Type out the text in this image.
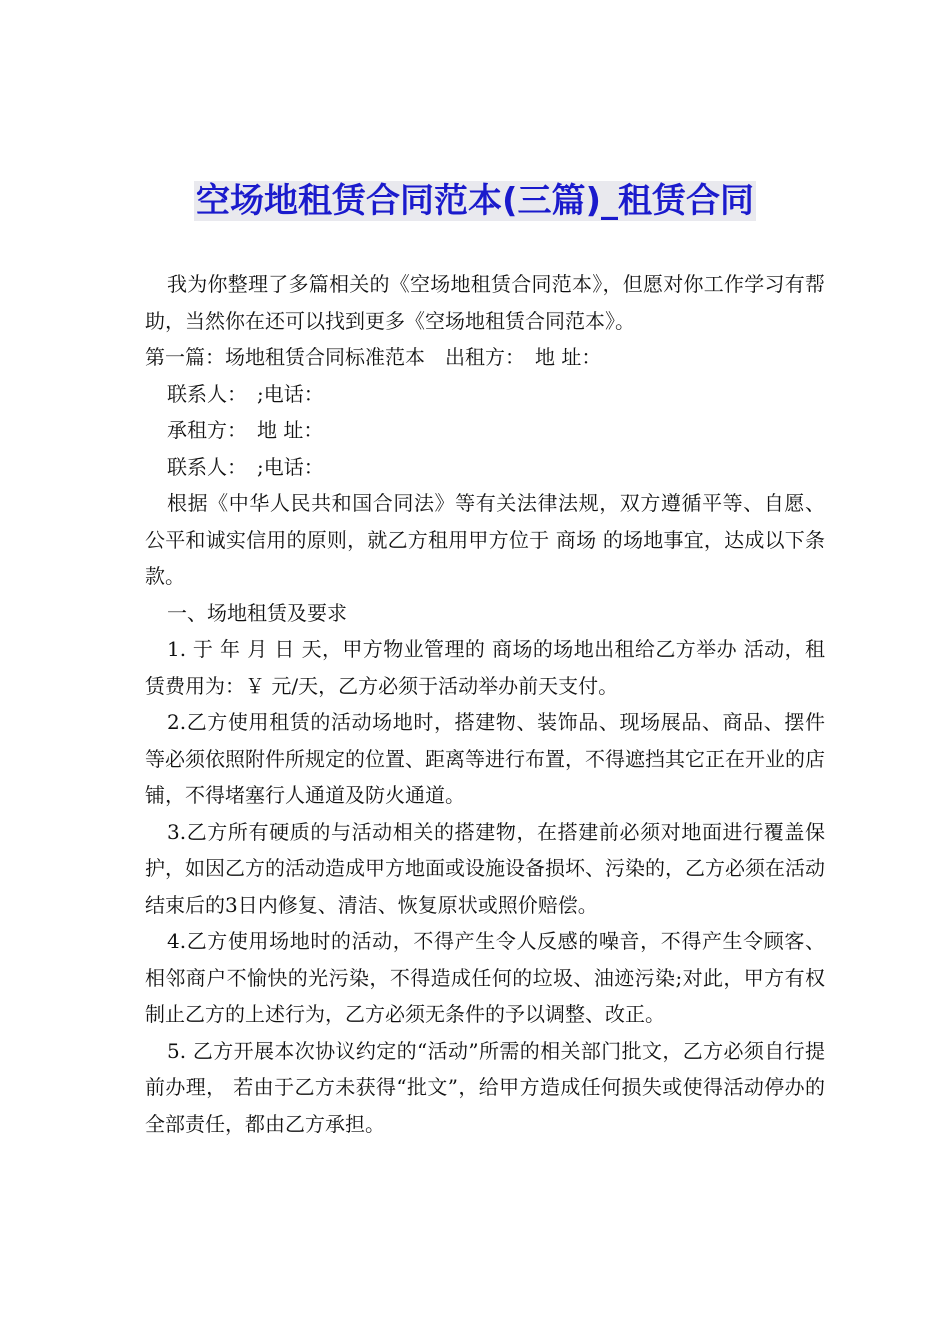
空场地租赁合同范本(三篇)_租赁合同

我为你整理了多篇相关的《空场地租赁合同范本》，但愿对你工作学习有帮助，当然你在还可以找到更多《空场地租赁合同范本》。

第一篇：场地租赁合同标准范本　出租方：　地 址：

联系人：　;电话：

承租方：　地 址：

联系人：　;电话：

根据《中华人民共和国合同法》等有关法律法规，双方遵循平等、自愿、公平和诚实信用的原则，就乙方租用甲方位于 商场 的场地事宜，达成以下条款。

一、场地租赁及要求

1. 于 年 月 日 天，甲方物业管理的 商场的场地出租给乙方举办 活动，租赁费用为：￥ 元/天，乙方必须于活动举办前天支付。

2.乙方使用租赁的活动场地时，搭建物、装饰品、现场展品、商品、摆件等必须依照附件所规定的位置、距离等进行布置，不得遮挡其它正在开业的店铺，不得堵塞行人通道及防火通道。

3.乙方所有硬质的与活动相关的搭建物，在搭建前必须对地面进行覆盖保护，如因乙方的活动造成甲方地面或设施设备损坏、污染的，乙方必须在活动结束后的3日内修复、清洁、恢复原状或照价赔偿。

4.乙方使用场地时的活动，不得产生令人反感的噪音，不得产生令顾客、相邻商户不愉快的光污染，不得造成任何的垃圾、油迹污染;对此，甲方有权制止乙方的上述行为，乙方必须无条件的予以调整、改正。

5. 乙方开展本次协议约定的“活动”所需的相关部门批文，乙方必须自行提前办理， 若由于乙方未获得“批文”，给甲方造成任何损失或使得活动停办的全部责任，都由乙方承担。
